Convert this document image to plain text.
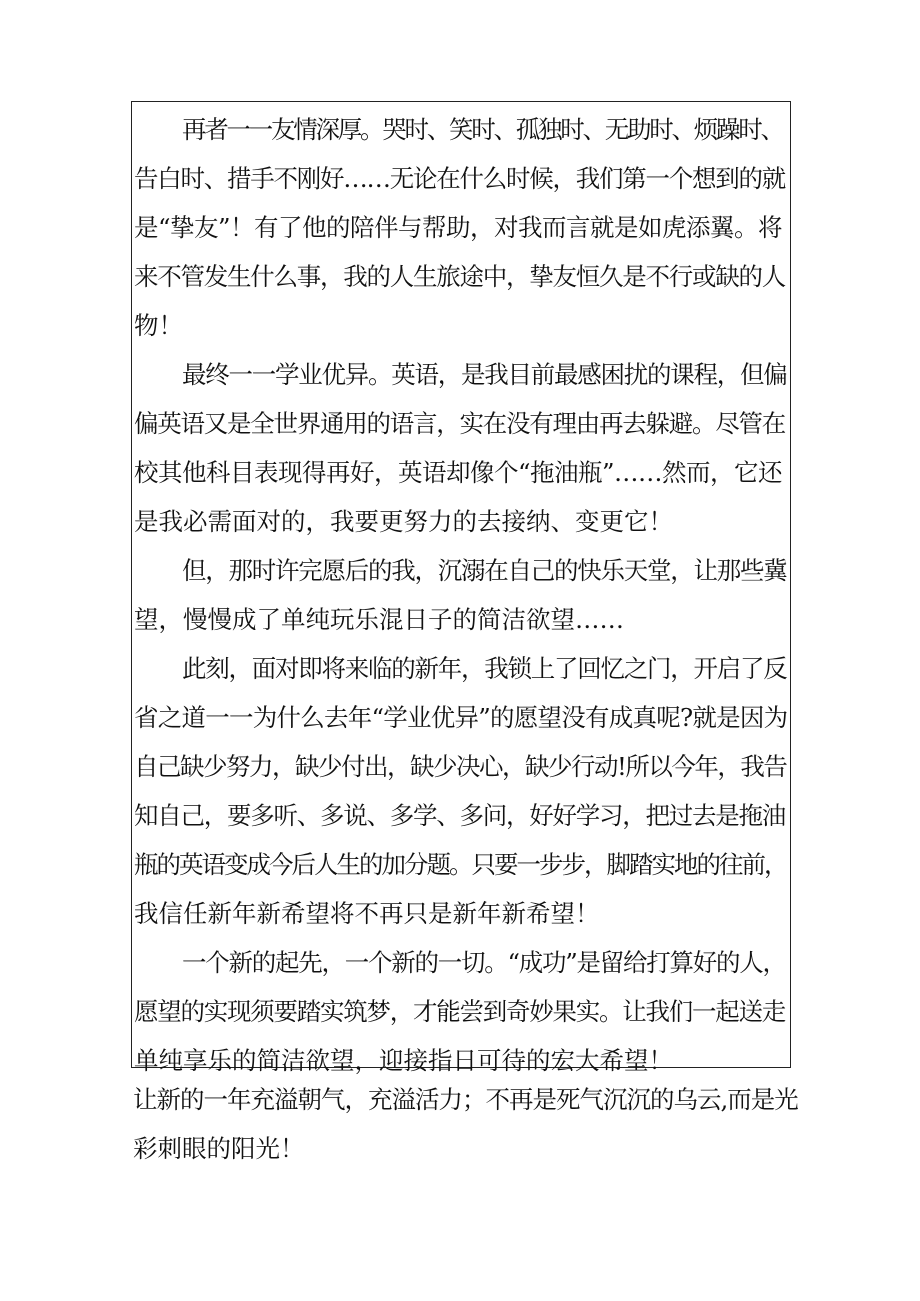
再者一一友情深厚。哭时、笑时、孤独时、无助时、烦躁时、
告白时、措手不刚好……无论在什么时候，我们第一个想到的就
是“挚友”！有了他的陪伴与帮助，对我而言就是如虎添翼。将
来不管发生什么事，我的人生旅途中，挚友恒久是不行或缺的人
物！
最终一一学业优异。英语，是我目前最感困扰的课程，但偏
偏英语又是全世界通用的语言，实在没有理由再去躲避。尽管在
校其他科目表现得再好，英语却像个“拖油瓶”……然而，它还
是我必需面对的，我要更努力的去接纳、变更它！
但，那时许完愿后的我，沉溺在自己的快乐天堂，让那些冀
望，慢慢成了单纯玩乐混日子的简洁欲望……
此刻，面对即将来临的新年，我锁上了回忆之门，开启了反
省之道一一为什么去年“学业优异”的愿望没有成真呢?就是因为
自己缺少努力，缺少付出，缺少决心，缺少行动!所以今年，我告
知自己，要多听、多说、多学、多问，好好学习，把过去是拖油
瓶的英语变成今后人生的加分题。只要一步步，脚踏实地的往前，
我信任新年新希望将不再只是新年新希望！
一个新的起先，一个新的一切。“成功”是留给打算好的人，
愿望的实现须要踏实筑梦，才能尝到奇妙果实。让我们一起送走
单纯享乐的简洁欲望，迎接指日可待的宏大希望！
让新的一年充溢朝气，充溢活力；不再是死气沉沉的乌云,而是光
彩刺眼的阳光！
